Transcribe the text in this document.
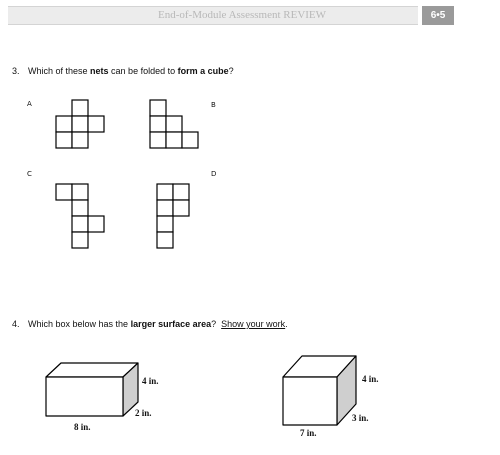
End-of-Module Assessment REVIEW	6•5
3. Which of these nets can be folded to form a cube?
A	B
C	D
4. Which box below has the larger surface area?  Show your work.
4 in.
2 in.
8 in.
4 in.
3 in.
7 in.
